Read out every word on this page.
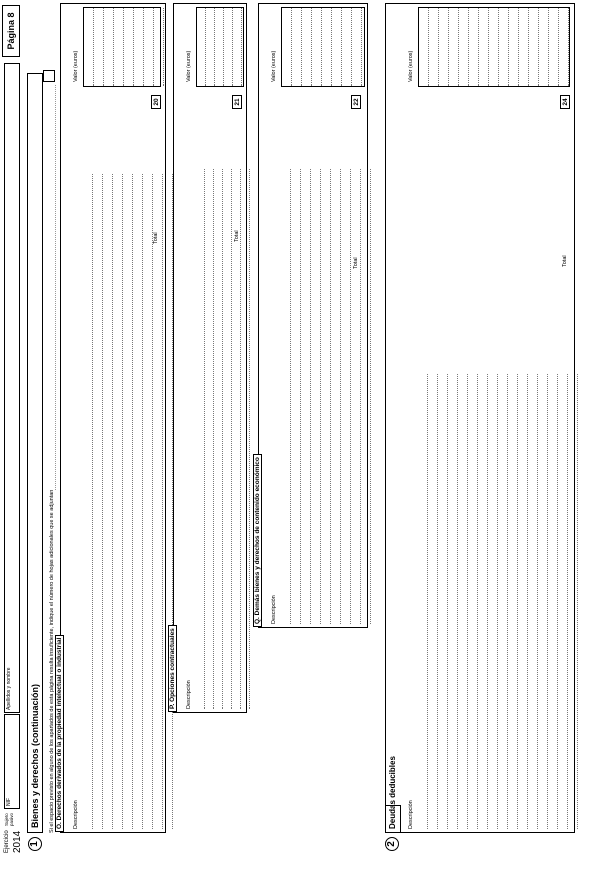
Ejercicio 2014
Sujeto pasivo
NIF
Apellidos y nombre
Página 8
1
Bienes y derechos (continuación) Si el espacio previsto en alguno de los apartados de esta página resulta insuficiente, indique el número de hojas adicionales que se adjuntan O. Derechos derivados de la propiedad intelectual o industrial Descripción
Valor (euros)
Total
20
P. Opciones contractuales Descripción
Valor (euros)
Total
21
Q. Demás bienes y derechos de contenido económico Descripción
Valor (euros)
Total
22
2
Deudas deducibles Descripción
Valor (euros)
Total
24
